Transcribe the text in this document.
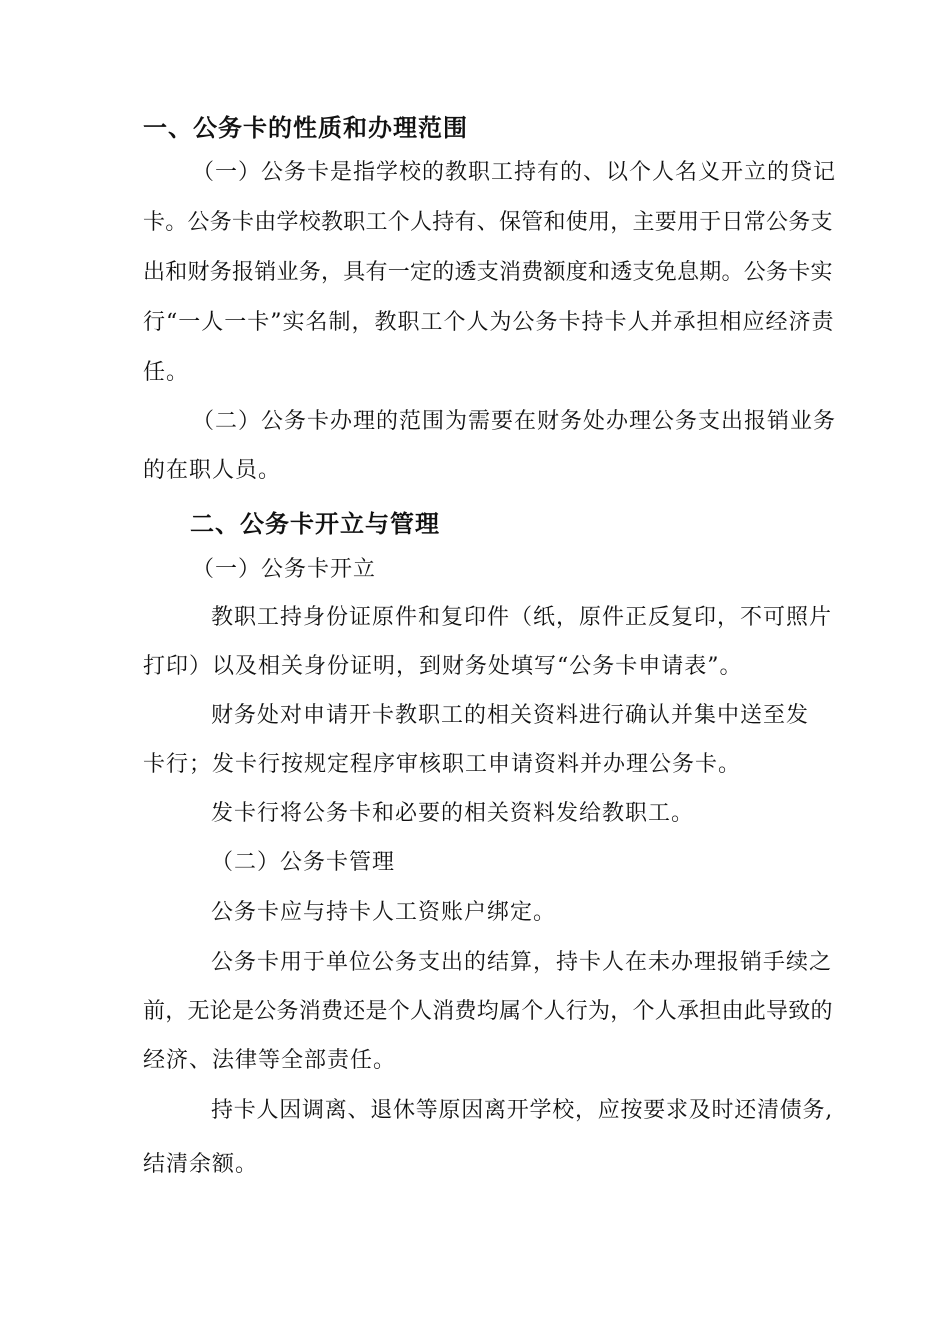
一、公务卡的性质和办理范围
（一）公务卡是指学校的教职工持有的、以个人名义开立的贷记
卡。公务卡由学校教职工个人持有、保管和使用，主要用于日常公务支
出和财务报销业务，具有一定的透支消费额度和透支免息期。公务卡实
行“一人一卡”实名制，教职工个人为公务卡持卡人并承担相应经济责
任。
（二）公务卡办理的范围为需要在财务处办理公务支出报销业务
的在职人员。
二、公务卡开立与管理
（一）公务卡开立
教职工持身份证原件和复印件（纸，原件正反复印，不可照片
打印）以及相关身份证明，到财务处填写“公务卡申请表”。
财务处对申请开卡教职工的相关资料进行确认并集中送至发
卡行；发卡行按规定程序审核职工申请资料并办理公务卡。
发卡行将公务卡和必要的相关资料发给教职工。
（二）公务卡管理
公务卡应与持卡人工资账户绑定。
公务卡用于单位公务支出的结算，持卡人在未办理报销手续之
前，无论是公务消费还是个人消费均属个人行为，个人承担由此导致的
经济、法律等全部责任。
持卡人因调离、退休等原因离开学校，应按要求及时还清债务,
结清余额。
